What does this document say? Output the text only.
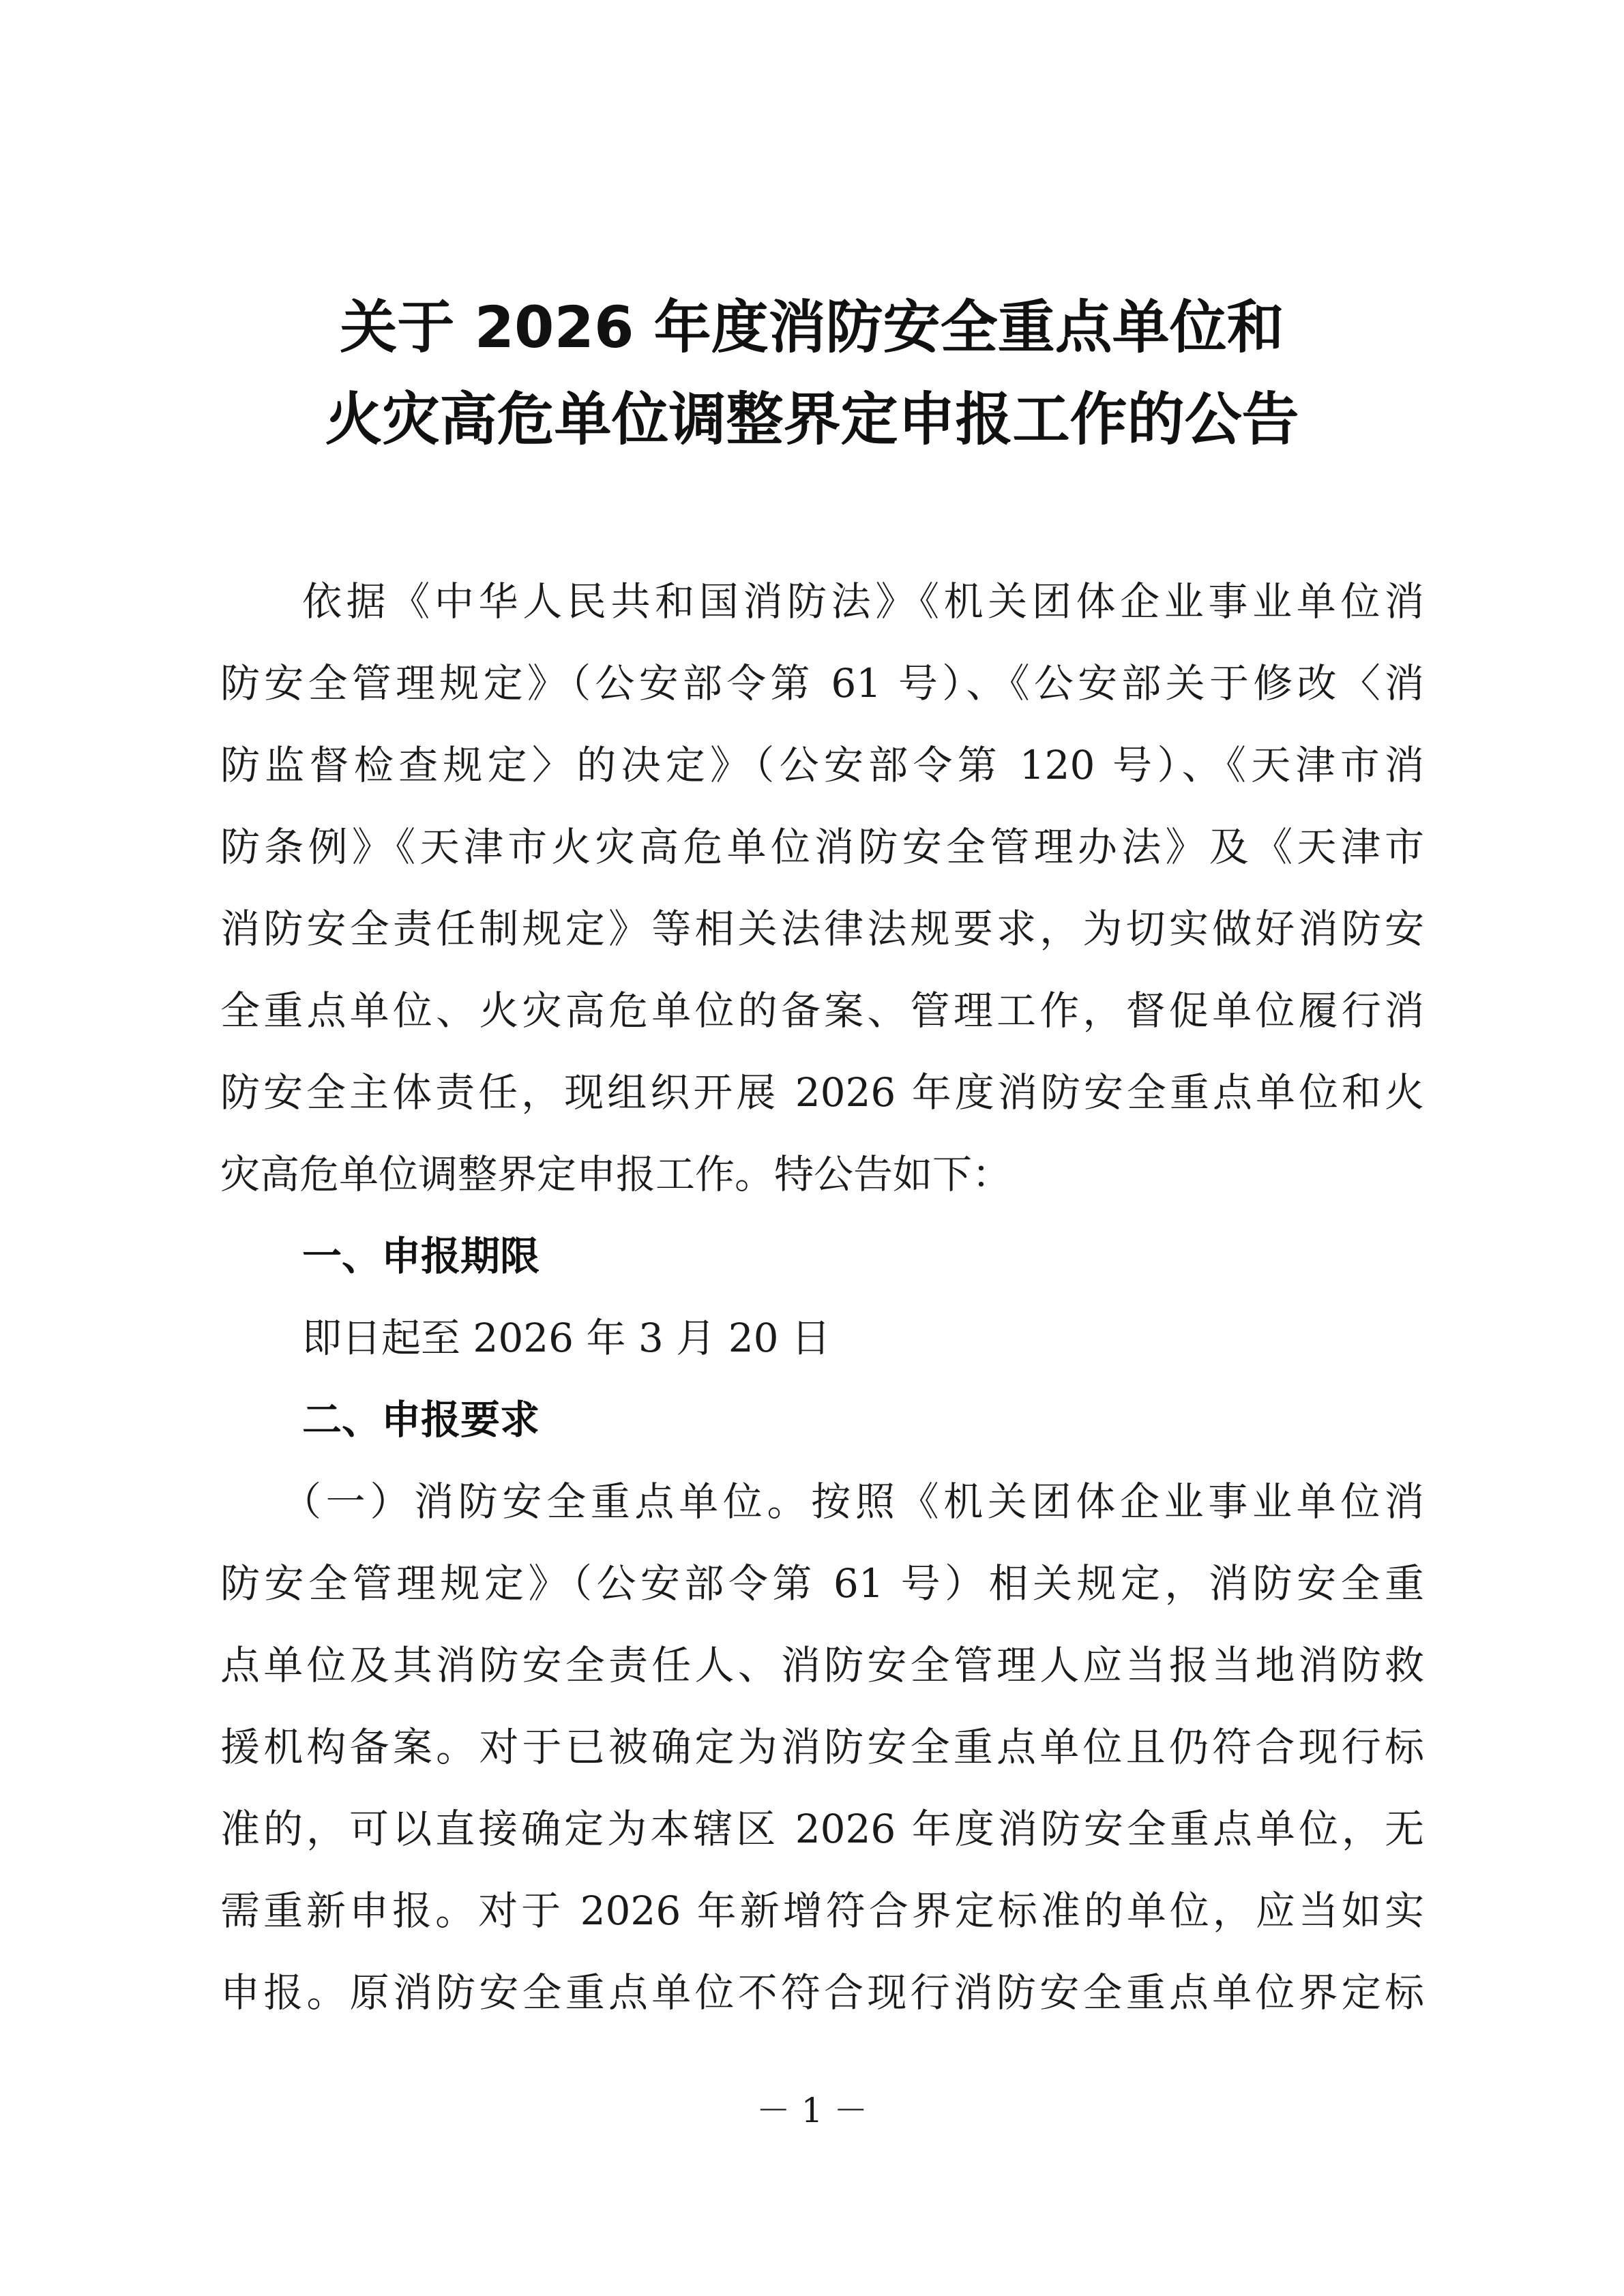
关于 2026 年度消防安全重点单位和
火灾高危单位调整界定申报工作的公告
依据《中华人民共和国消防法》《机关团体企业事业单位消
防安全管理规定》（公安部令第 61 号）、《公安部关于修改〈消
防监督检查规定〉的决定》（公安部令第 120 号）、《天津市消
防条例》《天津市火灾高危单位消防安全管理办法》及《天津市
消防安全责任制规定》等相关法律法规要求，为切实做好消防安
全重点单位、火灾高危单位的备案、管理工作，督促单位履行消
防安全主体责任，现组织开展 2026 年度消防安全重点单位和火
灾高危单位调整界定申报工作。特公告如下：
一、申报期限
即日起至 2026 年 3 月 20 日
二、申报要求
（一）消防安全重点单位。按照《机关团体企业事业单位消
防安全管理规定》（公安部令第 61 号）相关规定，消防安全重
点单位及其消防安全责任人、消防安全管理人应当报当地消防救
援机构备案。对于已被确定为消防安全重点单位且仍符合现行标
准的，可以直接确定为本辖区 2026 年度消防安全重点单位，无
需重新申报。对于 2026 年新增符合界定标准的单位，应当如实
申报。原消防安全重点单位不符合现行消防安全重点单位界定标
－ 1 －
